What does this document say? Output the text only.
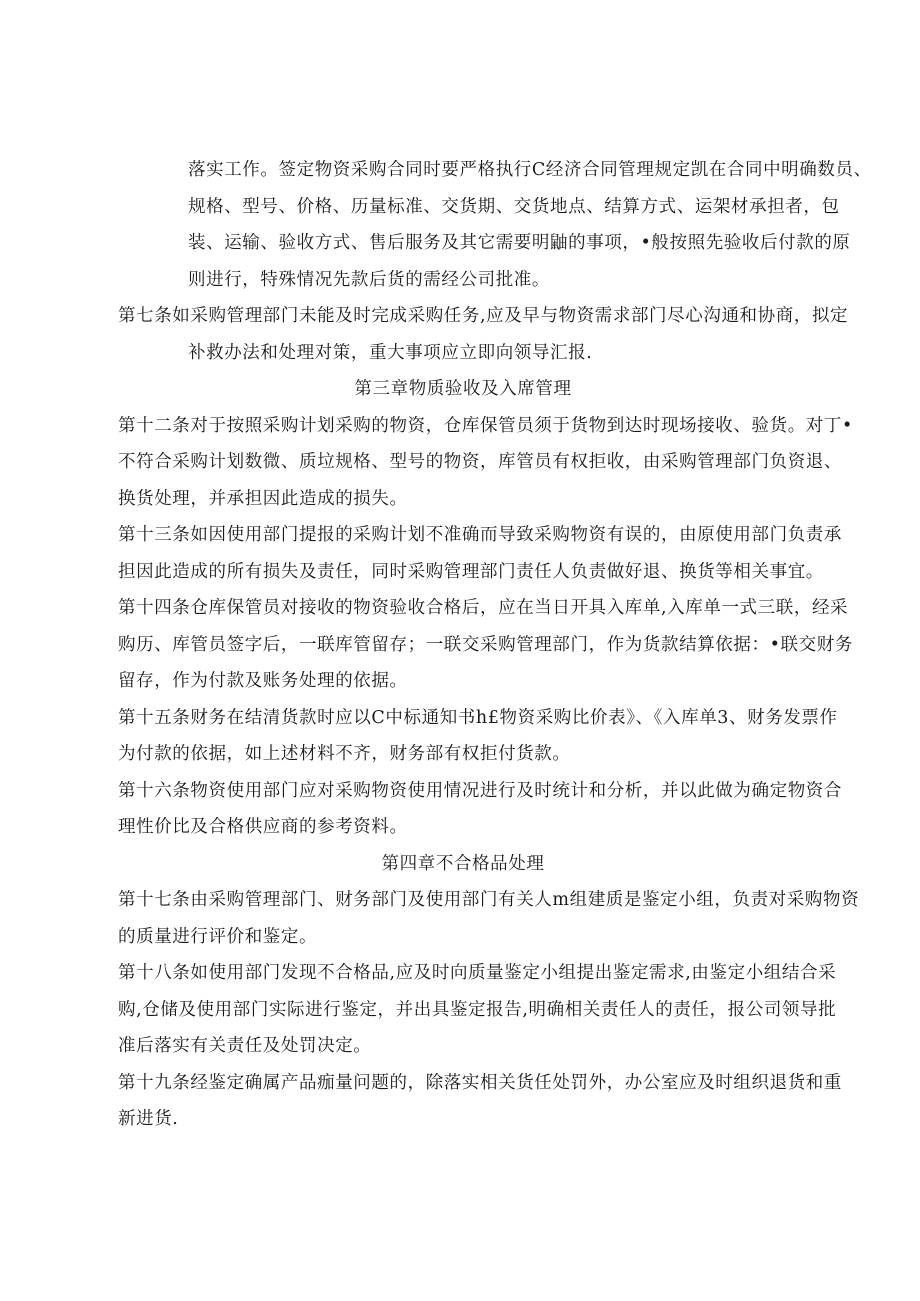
落实工作。签定物资采购合同时要严格执行C经济合同管理规定凯在合同中明确数员、
规格、型号、价格、历量标准、交货期、交货地点、结算方式、运架材承担者，包
装、运输、验收方式、售后服务及其它需要明鼬的事项，•般按照先验收后付款的原
则进行，特殊情况先款后货的需经公司批准。
第七条如采购管理部门未能及时完成采购任务,应及早与物资需求部门尽心沟通和协商，拟定
补救办法和处理对策，重大事项应立即向领导汇报.
第三章物质验收及入席管理
第十二条对于按照采购计划采购的物资，仓库保管员须于货物到达时现场接收、验货。对丁•
不符合采购计划数微、质垃规格、型号的物资，库管员有权拒收，由采购管理部门负资退、
换货处理，并承担因此造成的损失。
第十三条如因使用部门提报的采购计划不准确而导致采购物资有误的，由原使用部门负责承
担因此造成的所有损失及责任，同时采购管理部门责任人负责做好退、换货等相关事宜。
第十四条仓库保管员对接收的物资验收合格后，应在当日开具入库单,入库单一式三联，经采
购历、库管员签字后，一联库管留存；一联交采购管理部门，作为货款结算依据：•联交财务
留存，作为付款及账务处理的依据。
第十五条财务在结清货款时应以C中标通知书h£物资采购比价表》、《入库单3、财务发票作
为付款的依据，如上述材料不齐，财务部有权拒付货款。
第十六条物资使用部门应对采购物资使用情况进行及时统计和分析，并以此做为确定物资合
理性价比及合格供应商的参考资料。
第四章不合格品处理
第十七条由采购管理部门、财务部门及使用部门有关人m组建质是鉴定小组，负责对采购物资
的质量进行评价和鉴定。
第十八条如使用部门发现不合格品,应及时向质量鉴定小组提出鉴定需求,由鉴定小组结合采
购,仓储及使用部门实际进行鉴定，并出具鉴定报告,明确相关责任人的责任，报公司领导批
准后落实有关责任及处罚决定。
第十九条经鉴定确属产品痂量问题的，除落实相关货任处罚外，办公室应及时组织退货和重
新进货.
